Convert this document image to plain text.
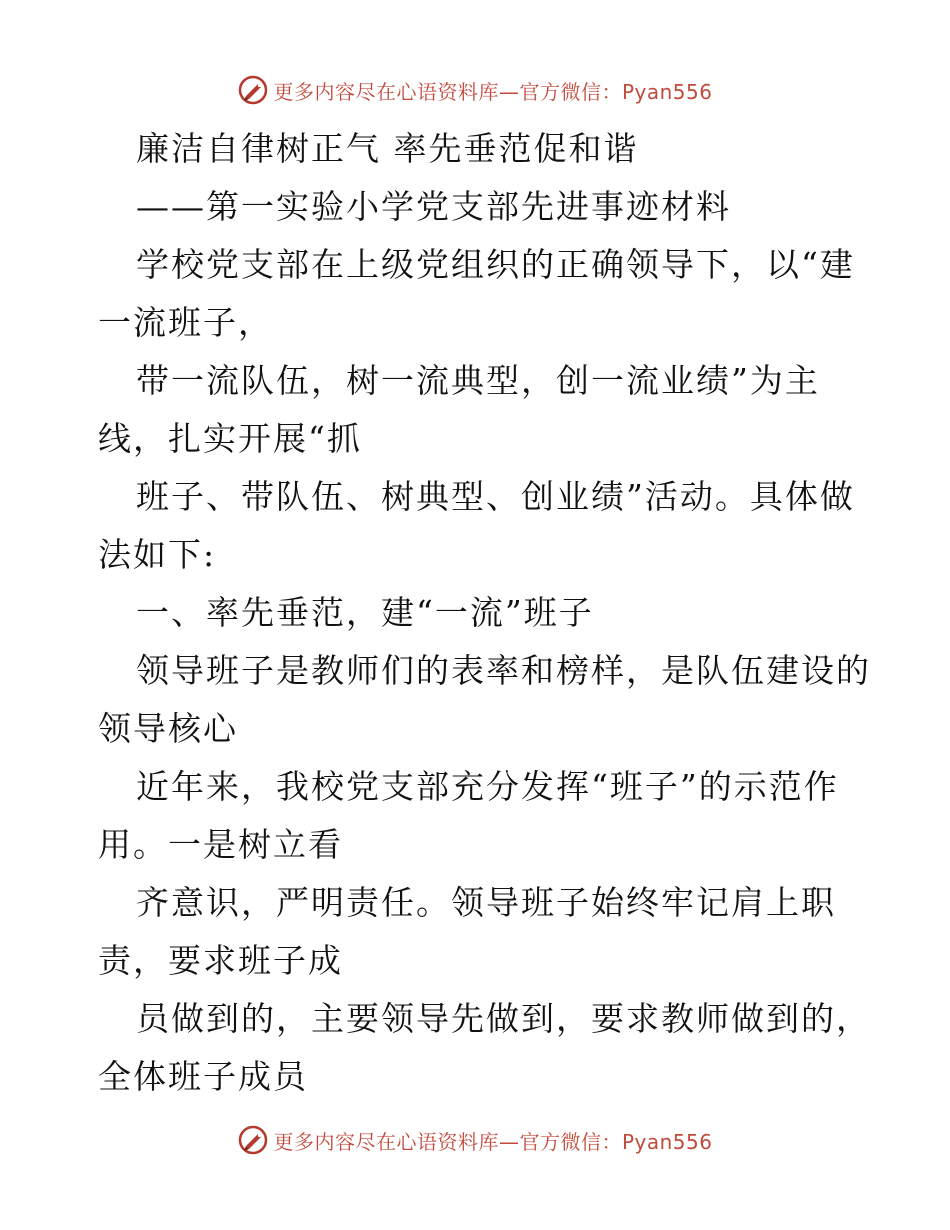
更多内容尽在心语资料库—官方微信：Pyan556
廉洁自律树正气 率先垂范促和谐
——第一实验小学党支部先进事迹材料
学校党支部在上级党组织的正确领导下，以“建
一流班子，
带一流队伍，树一流典型，创一流业绩”为主
线，扎实开展“抓
班子、带队伍、树典型、创业绩”活动。具体做
法如下:
一、率先垂范，建“一流”班子
领导班子是教师们的表率和榜样，是队伍建设的
领导核心
近年来，我校党支部充分发挥“班子”的示范作
用。一是树立看
齐意识，严明责任。领导班子始终牢记肩上职
责，要求班子成
员做到的，主要领导先做到，要求教师做到的，
全体班子成员
更多内容尽在心语资料库—官方微信：Pyan556
